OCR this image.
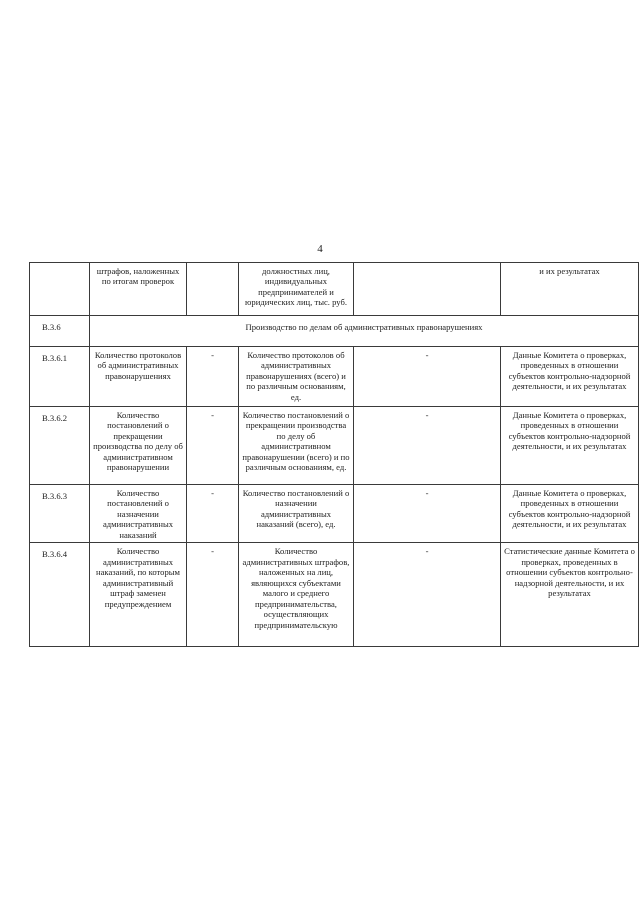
4
	штрафов, наложенных по итогам проверок		должностных лиц, индивидуальных предпринимателей и юридических лиц, тыс. руб.		и их результатах
В.3.6	Производство по делам об административных правонарушениях				
В.3.6.1	Количество протоколов об административных правонарушениях	-	Количество протоколов об административных правонарушениях (всего) и по различным основаниям, ед.	-	Данные Комитета о проверках, проведенных в отношении субъектов контрольно-надзорной деятельности, и их результатах
В.3.6.2	Количество постановлений о прекращении производства по делу об административном правонарушении	-	Количество постановлений о прекращении производства по делу об административном правонарушении (всего) и по различным основаниям, ед.	-	Данные Комитета о проверках, проведенных в отношении субъектов контрольно-надзорной деятельности, и их результатах
В.3.6.3	Количество постановлений о назначении административных наказаний	-	Количество постановлений о назначении административных наказаний (всего), ед.	-	Данные Комитета о проверках, проведенных в отношении субъектов контрольно-надзорной деятельности, и их результатах
В.3.6.4	Количество административных наказаний, по которым административный штраф заменен предупреждением	-	Количество административных штрафов, наложенных на лиц, являющихся субъектами малого и среднего предпринимательства, осуществляющих предпринимательскую	-	Статистические данные Комитета о проверках, проведенных в отношении субъектов контрольно-надзорной деятельности, и их результатах
